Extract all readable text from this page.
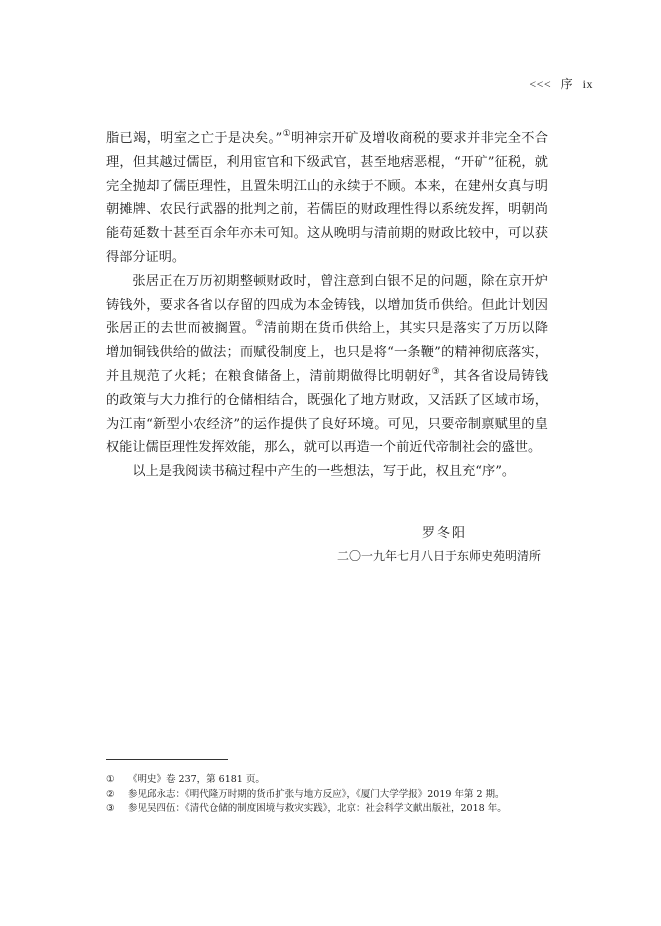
<<< 序 ix

脂已竭，明室之亡于是决矣。”①明神宗开矿及增收商税的要求并非完全不合理，但其越过儒臣，利用宦官和下级武官，甚至地痞恶棍，“开矿”征税，就完全抛却了儒臣理性，且置朱明江山的永续于不顾。本来，在建州女真与明朝摊牌、农民行武器的批判之前，若儒臣的财政理性得以系统发挥，明朝尚能苟延数十甚至百余年亦未可知。这从晚明与清前期的财政比较中，可以获得部分证明。

张居正在万历初期整顿财政时，曾注意到白银不足的问题，除在京开炉铸钱外，要求各省以存留的四成为本金铸钱，以增加货币供给。但此计划因张居正的去世而被搁置。②清前期在货币供给上，其实只是落实了万历以降增加铜钱供给的做法；而赋役制度上，也只是将“一条鞭”的精神彻底落实，并且规范了火耗；在粮食储备上，清前期做得比明朝好③，其各省设局铸钱的政策与大力推行的仓储相结合，既强化了地方财政，又活跃了区域市场，为江南“新型小农经济”的运作提供了良好环境。可见，只要帝制禀赋里的皇权能让儒臣理性发挥效能，那么，就可以再造一个前近代帝制社会的盛世。

以上是我阅读书稿过程中产生的一些想法，写于此，权且充“序”。

罗冬阳
二〇一九年七月八日于东师史苑明清所
①	《明史》卷 237，第 6181 页。
②	参见邱永志：《明代隆万时期的货币扩张与地方反应》，《厦门大学学报》2019 年第 2 期。
③	参见吴四伍：《清代仓储的制度困境与救灾实践》，北京：社会科学文献出版社，2018 年。
